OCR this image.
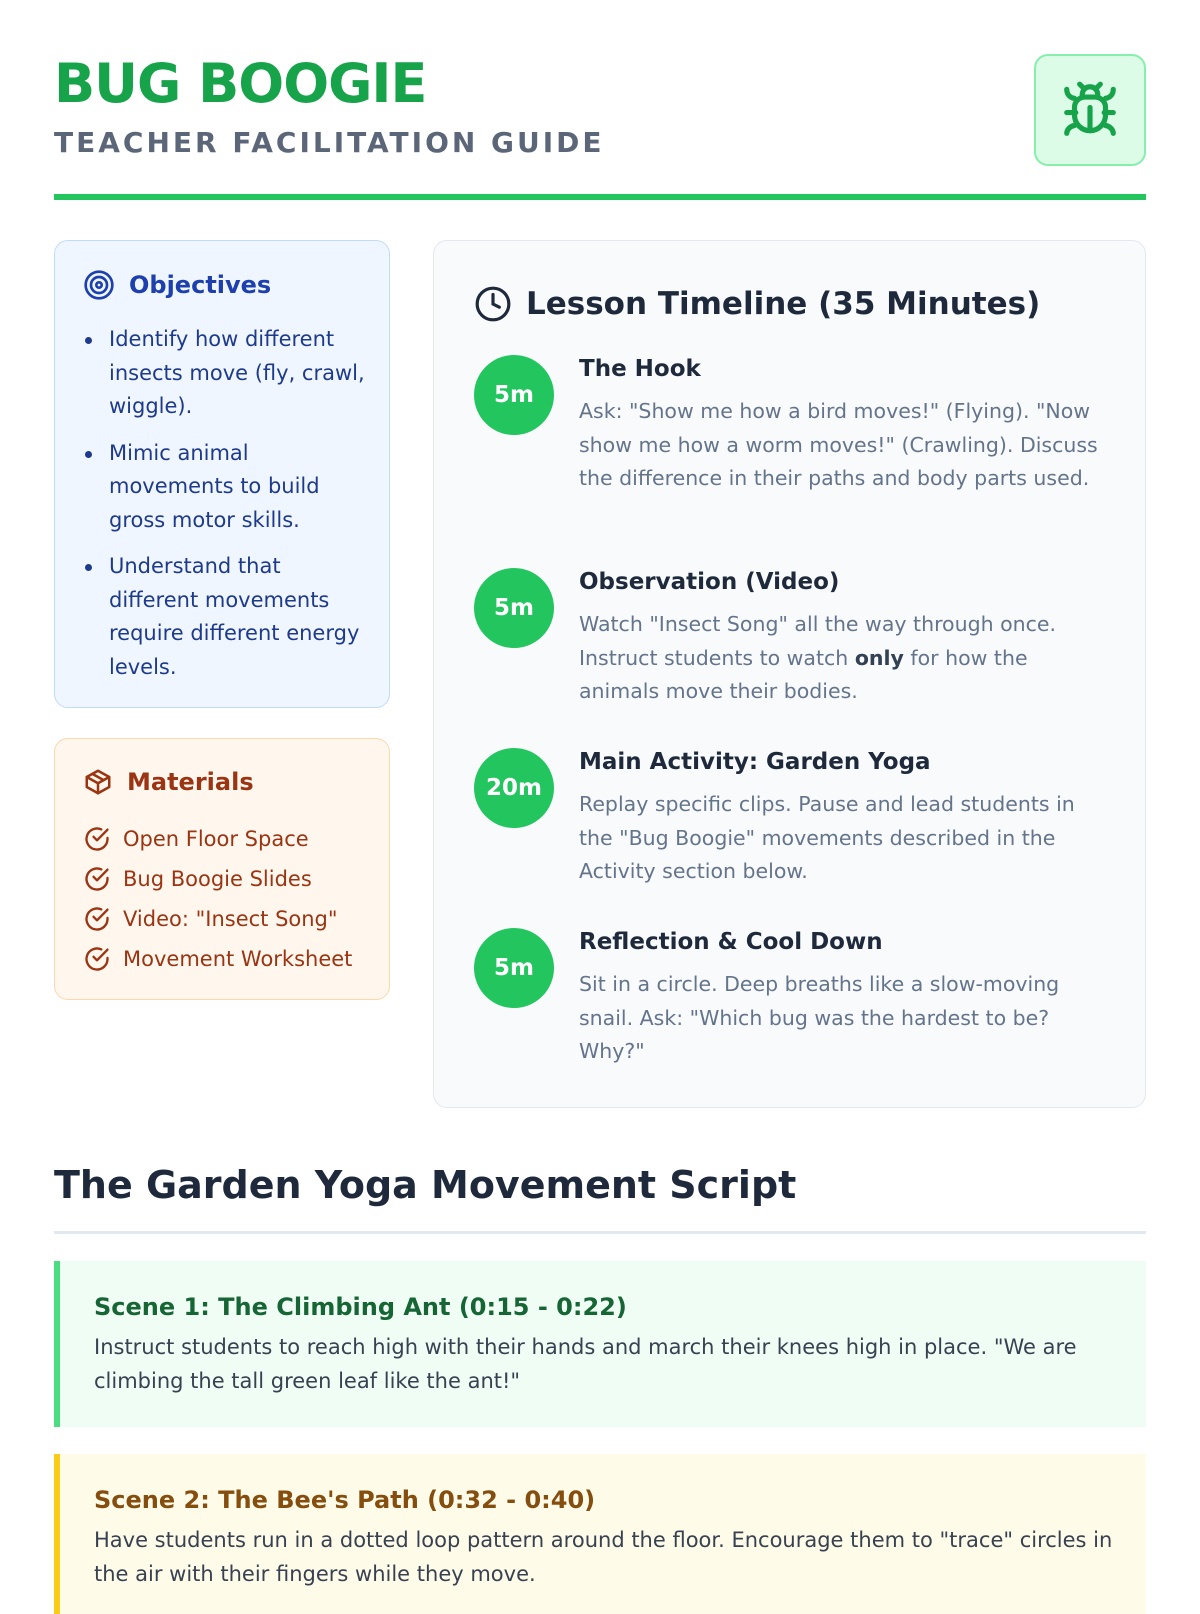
BUG BOOGIE
TEACHER FACILITATION GUIDE
Objectives
Identify how different insects move (fly, crawl, wiggle).
Mimic animal movements to build gross motor skills.
Understand that different movements require different energy levels.
Materials
Open Floor Space
Bug Boogie Slides
Video: "Insect Song"
Movement Worksheet
Lesson Timeline (35 Minutes)
5m
The Hook
Ask: "Show me how a bird moves!" (Flying). "Now show me how a worm moves!" (Crawling). Discuss the difference in their paths and body parts used.
5m
Observation (Video)
Watch "Insect Song" all the way through once. Instruct students to watch only for how the animals move their bodies.
20m
Main Activity: Garden Yoga
Replay specific clips. Pause and lead students in the "Bug Boogie" movements described in the Activity section below.
5m
Reflection & Cool Down
Sit in a circle. Deep breaths like a slow-moving snail. Ask: "Which bug was the hardest to be? Why?"
The Garden Yoga Movement Script
Scene 1: The Climbing Ant (0:15 - 0:22)
Instruct students to reach high with their hands and march their knees high in place. "We are climbing the tall green leaf like the ant!"
Scene 2: The Bee's Path (0:32 - 0:40)
Have students run in a dotted loop pattern around the floor. Encourage them to "trace" circles in the air with their fingers while they move.
